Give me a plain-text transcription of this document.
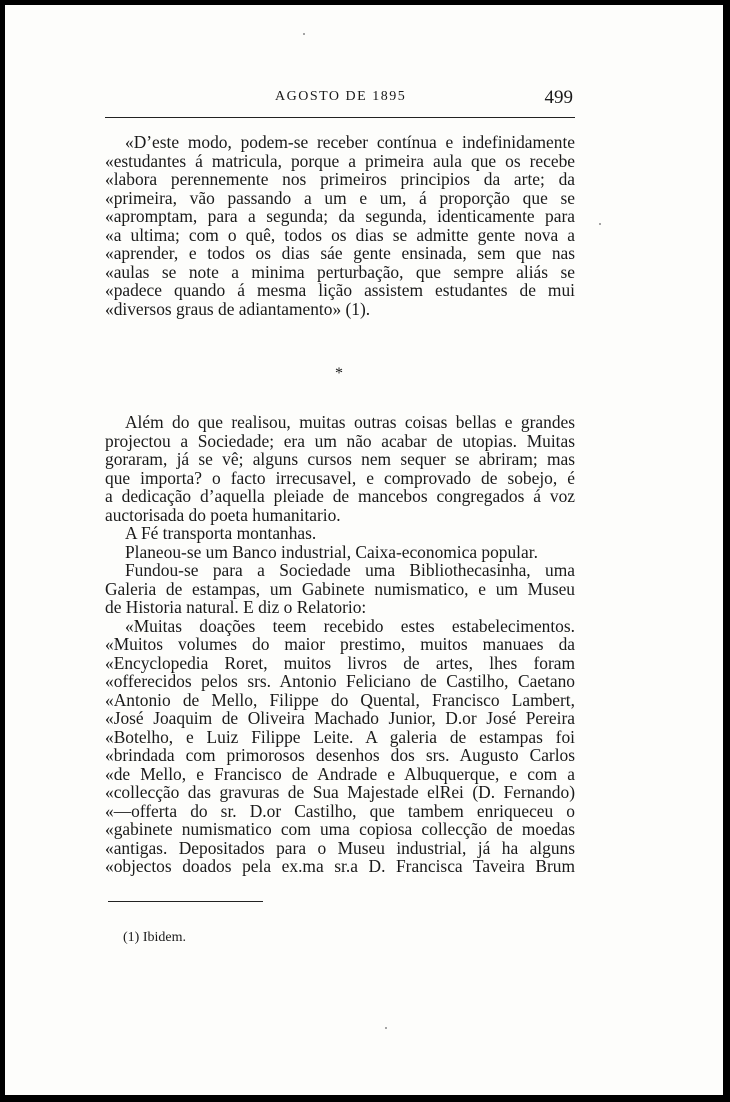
AGOSTO DE 1895	499
«D’este modo, podem-se receber contínua e indefinidamente
«estudantes á matricula, porque a primeira aula que os recebe
«labora perennemente nos primeiros principios da arte; da
«primeira, vão passando a um e um, á proporção que se
«apromptam, para a segunda; da segunda, identicamente para
«a ultima; com o quê, todos os dias se admitte gente nova a
«aprender, e todos os dias sáe gente ensinada, sem que nas
«aulas se note a minima perturbação, que sempre aliás se
«padece quando á mesma lição assistem estudantes de mui
«diversos graus de adiantamento» (1).
*
Além do que realisou, muitas outras coisas bellas e grandes
projectou a Sociedade; era um não acabar de utopias. Muitas
goraram, já se vê; alguns cursos nem sequer se abriram; mas
que importa? o facto irrecusavel, e comprovado de sobejo, é
a dedicação d’aquella pleiade de mancebos congregados á voz
auctorisada do poeta humanitario.
A Fé transporta montanhas.
Planeou-se um Banco industrial, Caixa-economica popular.
Fundou-se para a Sociedade uma Bibliothecasinha, uma
Galeria de estampas, um Gabinete numismatico, e um Museu
de Historia natural. E diz o Relatorio:
«Muitas doações teem recebido estes estabelecimentos.
«Muitos volumes do maior prestimo, muitos manuaes da
«Encyclopedia Roret, muitos livros de artes, lhes foram
«offerecidos pelos srs. Antonio Feliciano de Castilho, Caetano
«Antonio de Mello, Filippe do Quental, Francisco Lambert,
«José Joaquim de Oliveira Machado Junior, D.or José Pereira
«Botelho, e Luiz Filippe Leite. A galeria de estampas foi
«brindada com primorosos desenhos dos srs. Augusto Carlos
«de Mello, e Francisco de Andrade e Albuquerque, e com a
«collecção das gravuras de Sua Majestade elRei (D. Fernando)
«—offerta do sr. D.or Castilho, que tambem enriqueceu o
«gabinete numismatico com uma copiosa collecção de moedas
«antigas. Depositados para o Museu industrial, já ha alguns
«objectos doados pela ex.ma sr.a D. Francisca Taveira Brum
(1) Ibidem.
